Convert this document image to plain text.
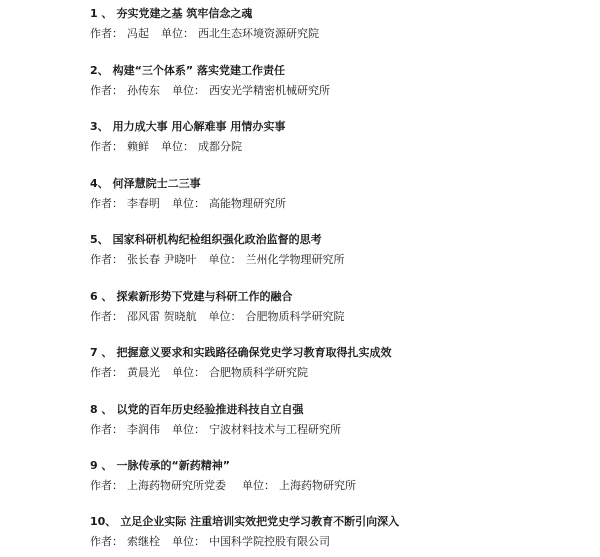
1 、 夯实党建之基 筑牢信念之魂
作者： 冯起 单位： 西北生态环境资源研究院
2、 构建“三个体系” 落实党建工作责任
作者： 孙传东 单位： 西安光学精密机械研究所
3、 用力成大事 用心解难事 用情办实事
作者： 赖鲜 单位： 成都分院
4、 何泽慧院士二三事
作者： 李春明 单位： 高能物理研究所
5、 国家科研机构纪检组织强化政治监督的思考
作者： 张长春 尹晓叶 单位： 兰州化学物理研究所
6 、 探索新形势下党建与科研工作的融合
作者： 邵风雷 贺晓航 单位： 合肥物质科学研究院
7 、 把握意义要求和实践路径确保党史学习教育取得扎实成效
作者： 黄晨光 单位： 合肥物质科学研究院
8 、 以党的百年历史经验推进科技自立自强
作者： 李润伟 单位： 宁波材料技术与工程研究所
9 、 一脉传承的“新药精神”
作者： 上海药物研究所党委 单位： 上海药物研究所
10、 立足企业实际 注重培训实效把党史学习教育不断引向深入
作者： 索继栓 单位： 中国科学院控股有限公司
